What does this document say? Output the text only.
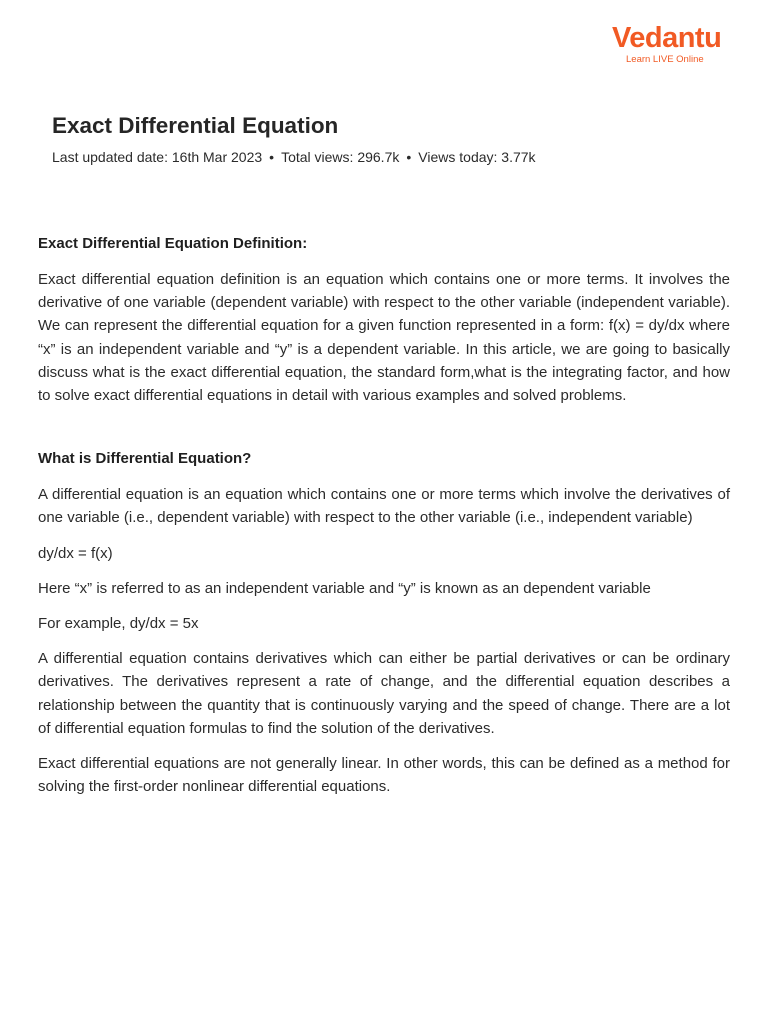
Vedantu
Learn LIVE Online
Exact Differential Equation
Last updated date: 16th Mar 2023 • Total views: 296.7k • Views today: 3.77k
Exact Differential Equation Definition:

Exact differential equation definition is an equation which contains one or more terms. It involves the derivative of one variable (dependent variable) with respect to the other variable (independent variable). We can represent the differential equation for a given function represented in a form: f(x) = dy/dx where “x” is an independent variable and “y” is a dependent variable. In this article, we are going to basically discuss what is the exact differential equation, the standard form,what is the integrating factor, and how to solve exact differential equations in detail with various examples and solved problems.

What is Differential Equation?

A differential equation is an equation which contains one or more terms which involve the derivatives of one variable (i.e., dependent variable) with respect to the other variable (i.e., independent variable)

dy/dx = f(x)

Here “x” is referred to as an independent variable and “y” is known as an dependent variable

For example, dy/dx = 5x

A differential equation contains derivatives which can either be partial derivatives or can be ordinary derivatives. The derivatives represent a rate of change, and the differential equation describes a relationship between the quantity that is continuously varying and the speed of change. There are a lot of differential equation formulas to find the solution of the derivatives.

Exact differential equations are not generally linear. In other words, this can be defined as a method for solving the first-order nonlinear differential equations.
